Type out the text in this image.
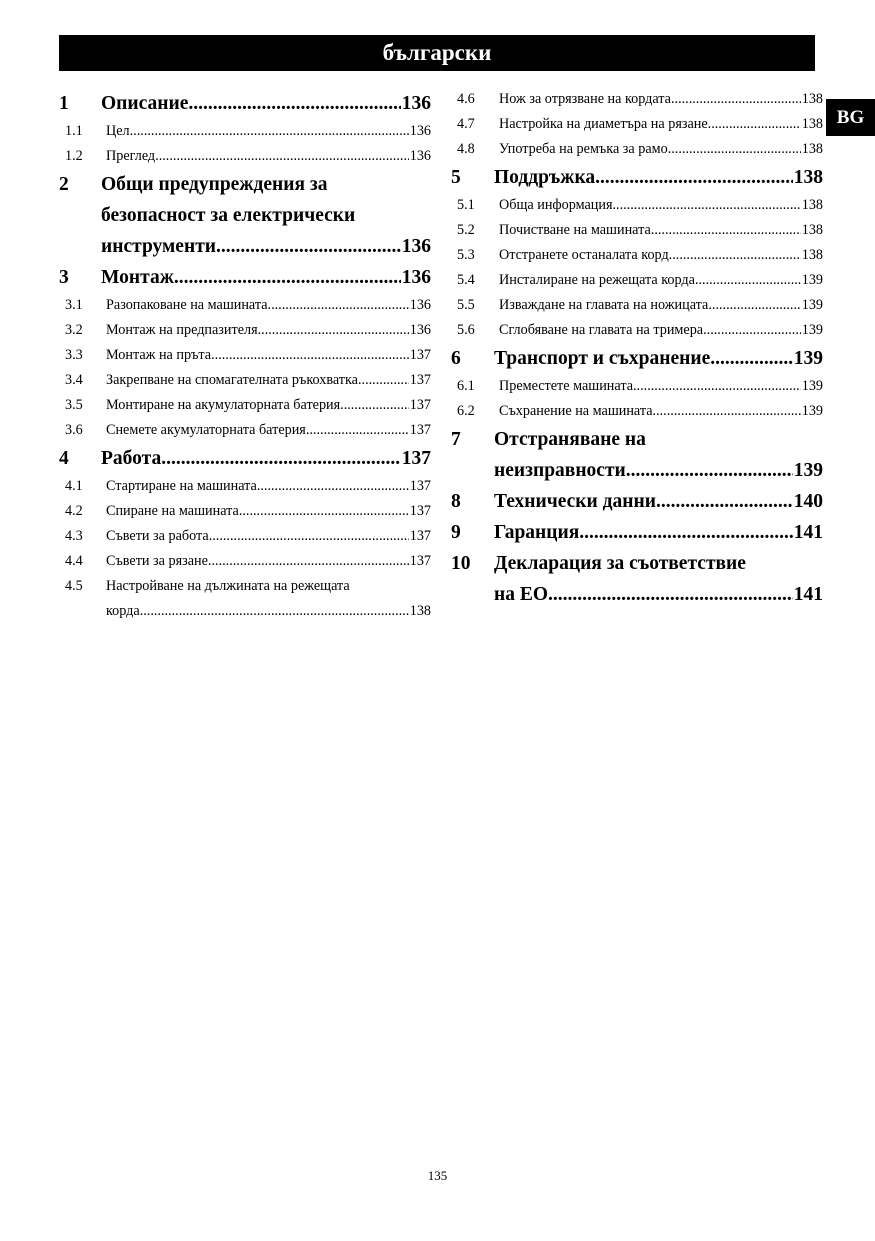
български
BG
1	Описание .....	136
1.1	Цел .....	136
1.2	Преглед .....	136
2	Общи предупреждения за
безопасност за електрически
инструменти .....	136
3	Монтаж .....	136
3.1	Разопаковане на машината .....	136
3.2	Монтаж на предпазителя .....	136
3.3	Монтаж на пръта .....	137
3.4	Закрепване на спомагателната ръкохватка .....	137
3.5	Монтиране на акумулаторната батерия .....	137
3.6	Снемете акумулаторната батерия .....	137
4	Работа .....	137
4.1	Стартиране на машината .....	137
4.2	Спиране на машината .....	137
4.3	Съвети за работа .....	137
4.4	Съвети за рязане .....	137
4.5	Настройване на дължината на режещата
корда .....	138
4.6	Нож за отрязване на кордата .....	138
4.7	Настройка на диаметъра на рязане .....	138
4.8	Употреба на ремъка за рамо .....	138
5	Поддръжка .....	138
5.1	Обща информация .....	138
5.2	Почистване на машината .....	138
5.3	Отстранете останалата корд .....	138
5.4	Инсталиране на режещата корда .....	139
5.5	Изваждане на главата на ножицата .....	139
5.6	Сглобяване на главата на тримера .....	139
6	Транспорт и съхранение .....	139
6.1	Преместете машината .....	139
6.2	Съхранение на машината .....	139
7	Отстраняване на
неизправности .....	139
8	Технически данни .....	140
9	Гаранция .....	141
10	Декларация за съответствие
на ЕО .....	141
135
